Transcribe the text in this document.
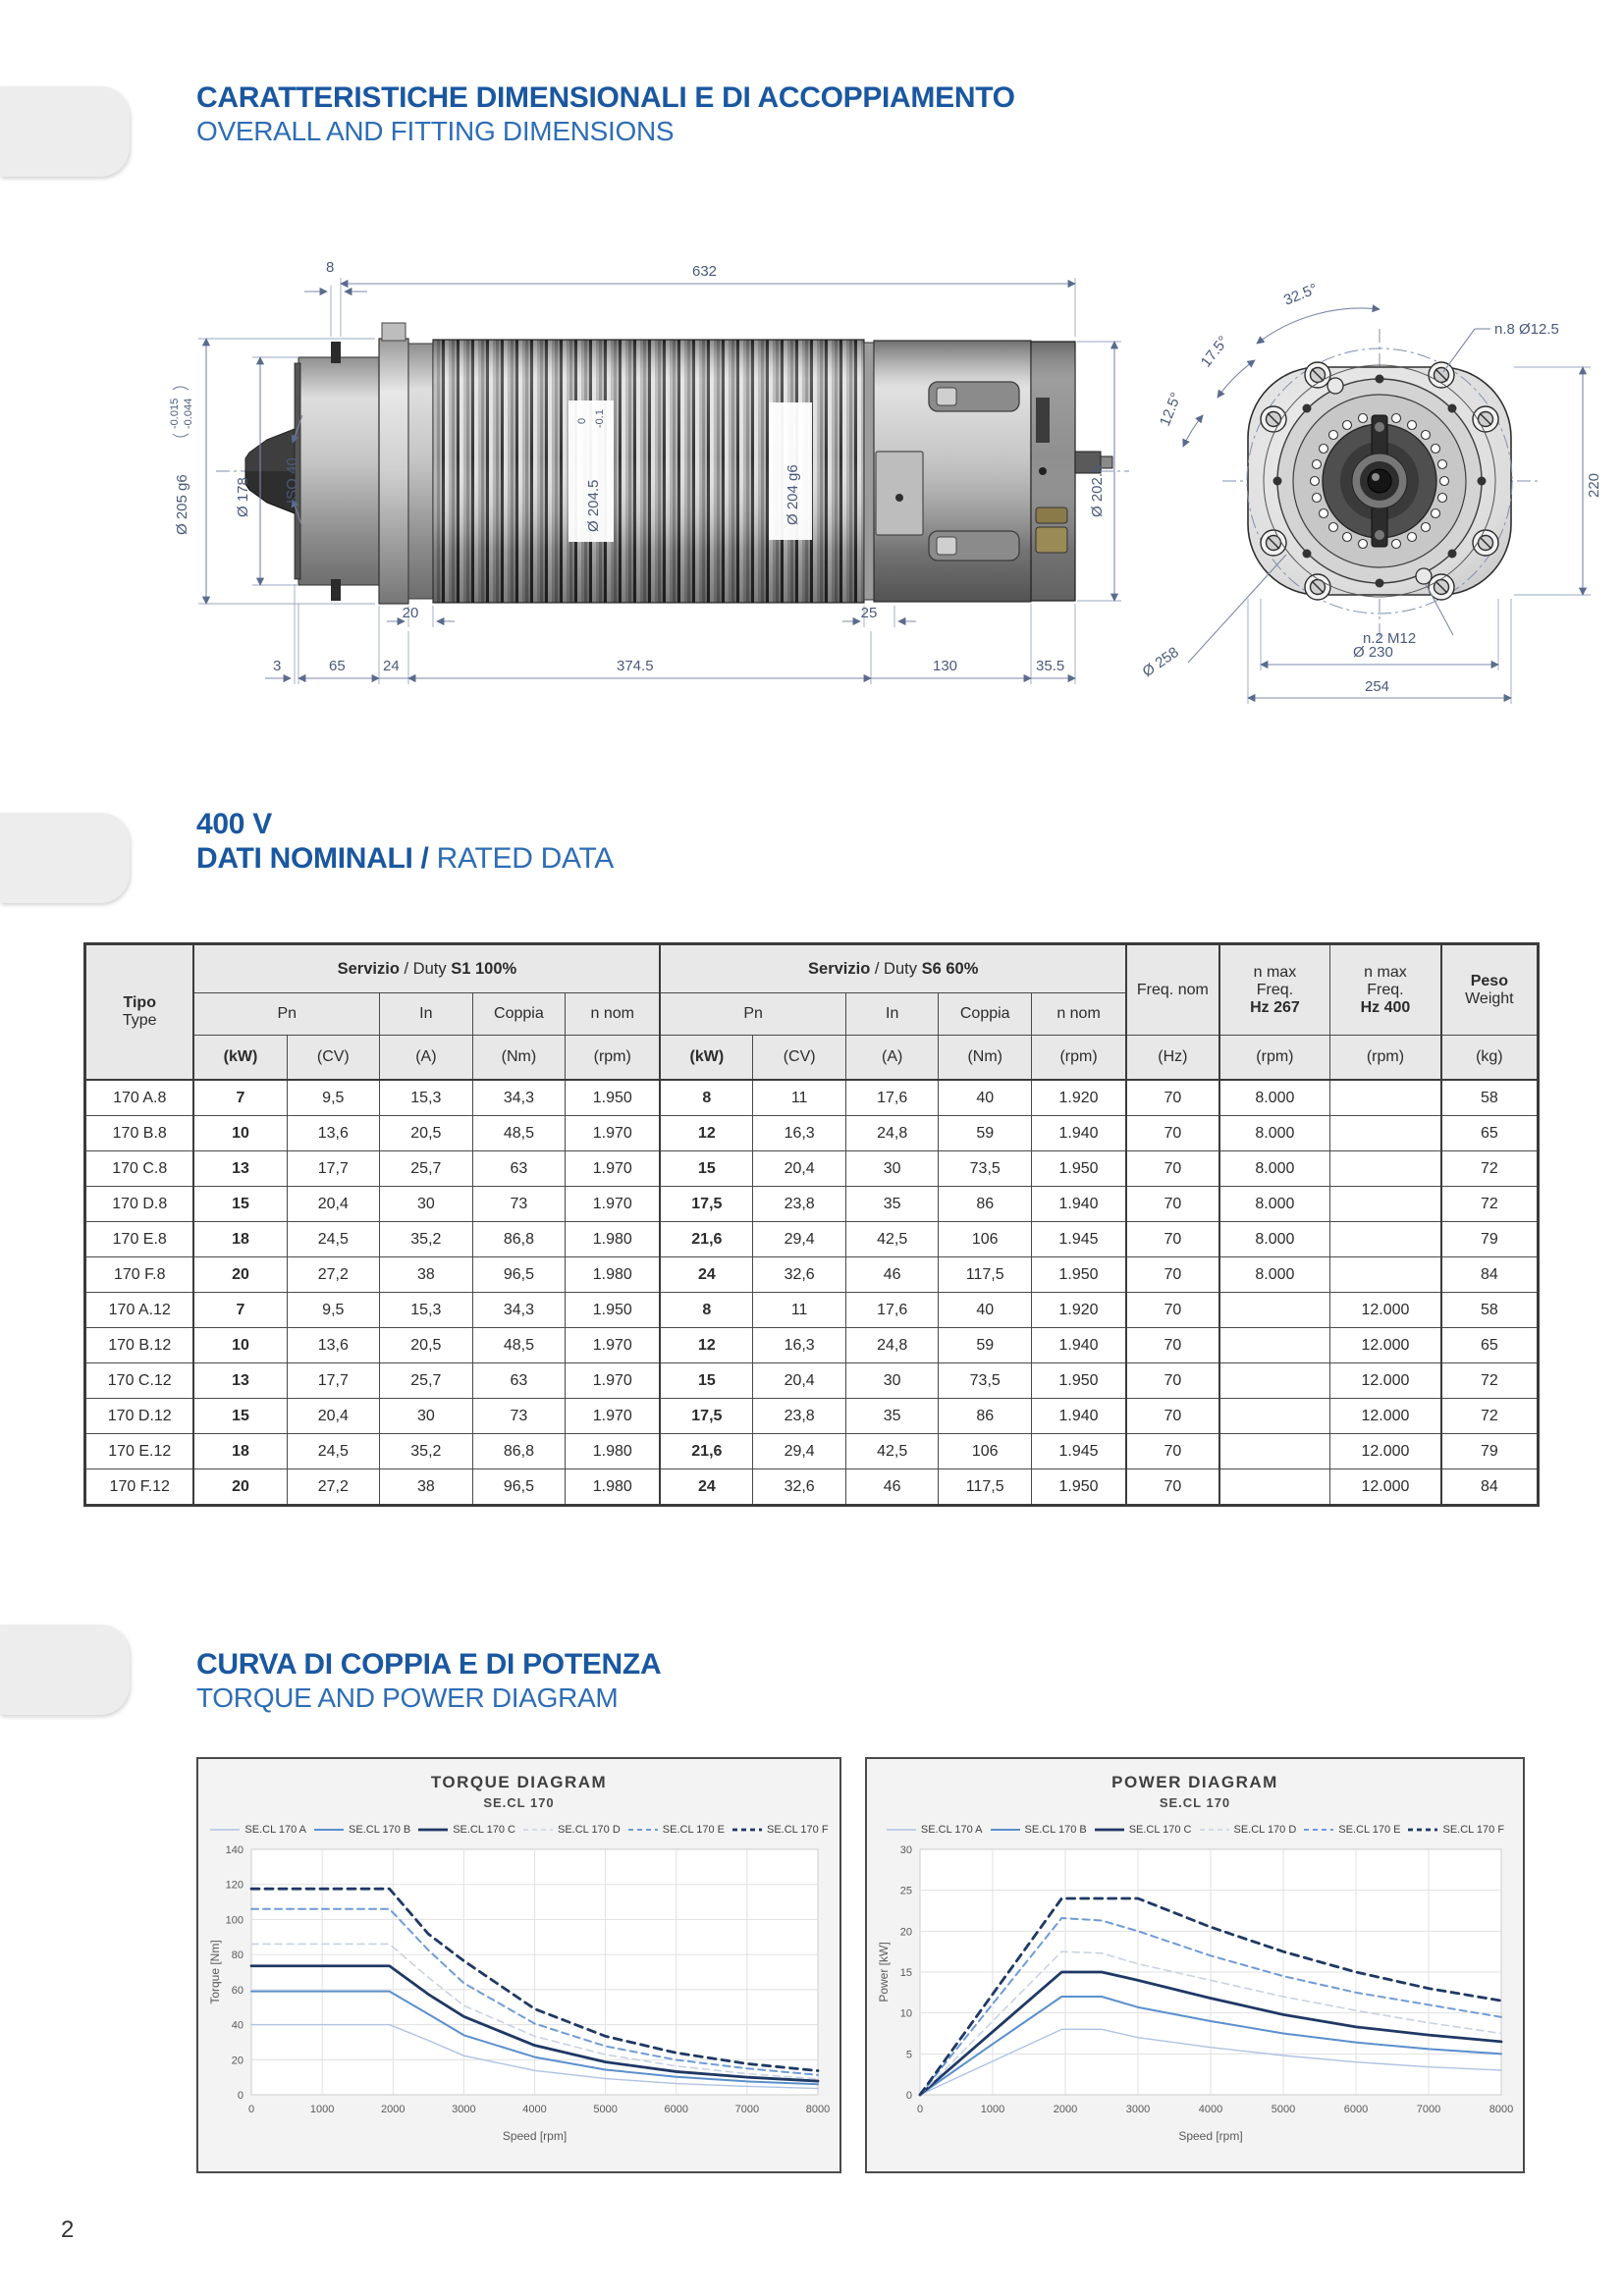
CARATTERISTICHE DIMENSIONALI E DI ACCOPPIAMENTO
OVERALL AND FITTING DIMENSIONS
Ø 204.5
0 -0.1
Ø 204 g6
8	632
Ø 205 g6
-0.015 -0.044
Ø 178 ISO 40	Ø 202.5
20	25
3	65	24	374.5	130	35.5
32.5°
17.5°
12.5°
n.8 Ø12.5
220
Ø 258
n.2 M12
Ø 230
254
400 V
DATI NOMINALI / RATED DATA
Tipo
Type	Servizio / Duty S1 100%					Servizio / Duty S6 60%					Freq. nom	n max
Freq.
Hz 267	n max
Freq.
Hz 400	Peso
Weight
	Pn		In	Coppia	n nom	Pn		In	Coppia	n nom				
	(kW)	(CV)	(A)	(Nm)	(rpm)	(kW)	(CV)	(A)	(Nm)	(rpm)	(Hz)	(rpm)	(rpm)	(kg)
170 A.8	7	9,5	15,3	34,3	1.950	8	11	17,6	40	1.920	70	8.000		58
170 B.8	10	13,6	20,5	48,5	1.970	12	16,3	24,8	59	1.940	70	8.000		65
170 C.8	13	17,7	25,7	63	1.970	15	20,4	30	73,5	1.950	70	8.000		72
170 D.8	15	20,4	30	73	1.970	17,5	23,8	35	86	1.940	70	8.000		72
170 E.8	18	24,5	35,2	86,8	1.980	21,6	29,4	42,5	106	1.945	70	8.000		79
170 F.8	20	27,2	38	96,5	1.980	24	32,6	46	117,5	1.950	70	8.000		84
170 A.12	7	9,5	15,3	34,3	1.950	8	11	17,6	40	1.920	70		12.000	58
170 B.12	10	13,6	20,5	48,5	1.970	12	16,3	24,8	59	1.940	70		12.000	65
170 C.12	13	17,7	25,7	63	1.970	15	20,4	30	73,5	1.950	70		12.000	72
170 D.12	15	20,4	30	73	1.970	17,5	23,8	35	86	1.940	70		12.000	72
170 E.12	18	24,5	35,2	86,8	1.980	21,6	29,4	42,5	106	1.945	70		12.000	79
170 F.12	20	27,2	38	96,5	1.980	24	32,6	46	117,5	1.950	70		12.000	84
CURVA DI COPPIA E DI POTENZA
TORQUE AND POWER DIAGRAM
TORQUE DIAGRAM
SE.CL 170
SE.CL 170 A	SE.CL 170 B	SE.CL 170 C	SE.CL 170 D	SE.CL 170 E	SE.CL 170 F
0	1000	2000	3000	4000	5000	6000	7000	8000
0
20
40
60
80
100
120
140
Speed [rpm]
Torque [Nm]
POWER DIAGRAM
SE.CL 170
SE.CL 170 A	SE.CL 170 B	SE.CL 170 C	SE.CL 170 D	SE.CL 170 E	SE.CL 170 F
0	1000	2000	3000	4000	5000	6000	7000	8000
0
5
10
15
20
25
30
Speed [rpm]
Power [kW]
2
